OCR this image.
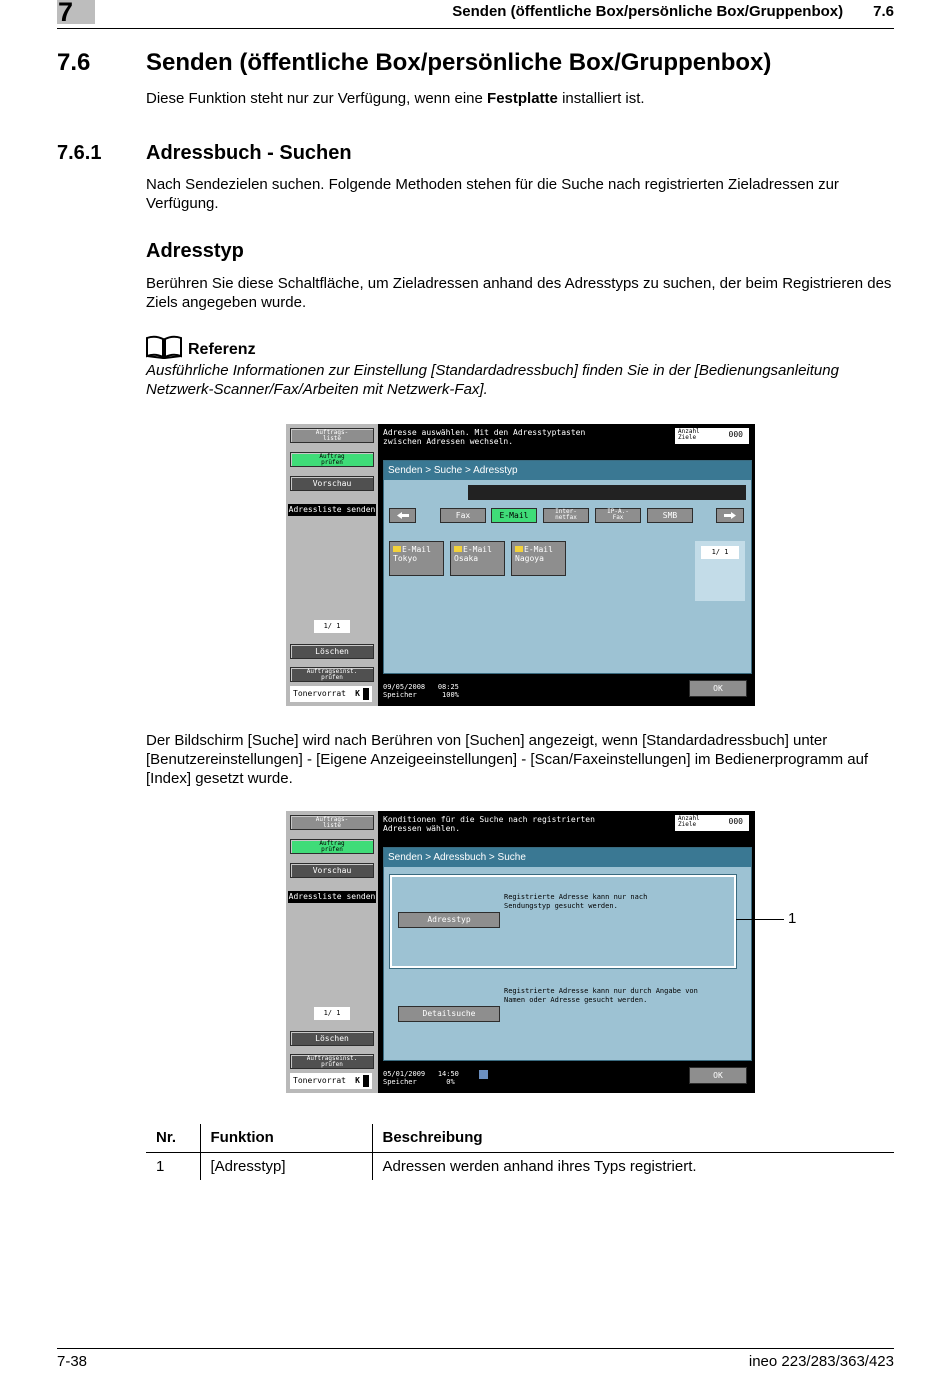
7	Senden (öffentliche Box/persönliche Box/Gruppenbox) 7.6
7.6 Senden (öffentliche Box/persönliche Box/Gruppenbox)
Diese Funktion steht nur zur Verfügung, wenn eine Festplatte installiert ist.
7.6.1 Adressbuch - Suchen
Nach Sendezielen suchen. Folgende Methoden stehen für die Suche nach registrierten Zieladressen zur Verfügung.
Adresstyp
Berühren Sie diese Schaltfläche, um Zieladressen anhand des Adresstyps zu suchen, der beim Registrieren des Ziels angegeben wurde.
Referenz
Ausführliche Informationen zur Einstellung [Standardadressbuch] finden Sie in der [Bedienungsanleitung Netzwerk-Scanner/Fax/Arbeiten mit Netzwerk-Fax].
Auftrags-
liste
Auftrag
prüfen
Vorschau
Adressliste senden
1/ 1
Löschen
Auftragseinst.
prüfen
Tonervorrat K
Adresse auswählen. Mit den Adresstyptasten
zwischen Adressen wechseln.
Anzahl
Ziele	000
Senden > Suche > Adresstyp
Fax	E-Mail	Inter-
netfax
IP-A.-
Fax	SMB
E-Mail
Tokyo
E-Mail
Osaka
E-Mail
Nagoya
1/ 1
09/05/2008 08:25
Speicher	100%
OK
Der Bildschirm [Suche] wird nach Berühren von [Suchen] angezeigt, wenn [Standardadressbuch] unter [Benutzereinstellungen] - [Eigene Anzeigeeinstellungen] - [Scan/Faxeinstellungen] im Bedienerprogramm auf [Index] gesetzt wurde.
Auftrags-
liste
Auftrag
prüfen
Vorschau
Adressliste senden
1/ 1
Löschen
Auftragseinst.
prüfen
Tonervorrat K
Konditionen für die Suche nach registrierten
Adressen wählen.
Anzahl
Ziele	000
Senden > Adressbuch > Suche
Adresstyp
Registrierte Adresse kann nur nach
Sendungstyp gesucht werden.
Detailsuche
Registrierte Adresse kann nur durch Angabe von
Namen oder Adresse gesucht werden.
05/01/2009 14:50
Speicher	0%
OK
1
Nr.	Funktion	Beschreibung
1	[Adresstyp]	Adressen werden anhand ihres Typs registriert.
7-38	ineo 223/283/363/423
